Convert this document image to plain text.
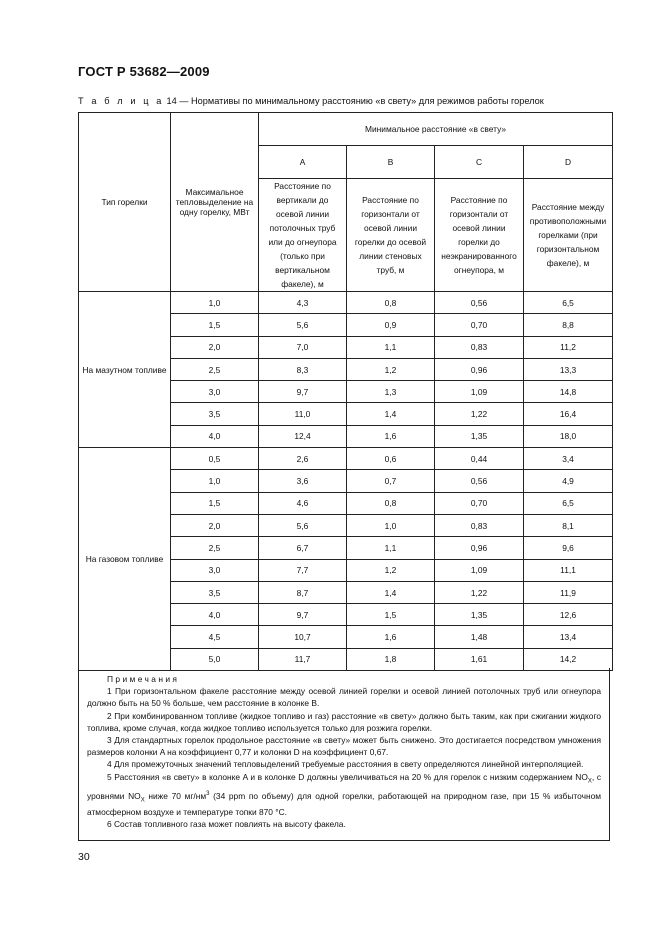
ГОСТ Р 53682—2009
Т а б л и ц а 14 — Нормативы по минимальному расстоянию «в свету» для режимов работы горелок
Тип горелки	Максимальное тепловыделение на одну горелку, МВт	Минимальное расстояние «в свету»			
		A	B	C	D
		Расстояние по вертикали до осевой линии потолочных труб или до огнеупора (только при вертикальном факеле), м	Расстояние по горизонтали от осевой линии горелки до осевой линии стеновых труб, м	Расстояние по горизонтали от осевой линии горелки до неэкранированного огнеупора, м	Расстояние между противоположными горелками (при горизонтальном факеле), м
На мазутном топливе	1,0	4,3	0,8	0,56	6,5
	1,5	5,6	0,9	0,70	8,8
	2,0	7,0	1,1	0,83	11,2
	2,5	8,3	1,2	0,96	13,3
	3,0	9,7	1,3	1,09	14,8
	3,5	11,0	1,4	1,22	16,4
	4,0	12,4	1,6	1,35	18,0
На газовом топливе	0,5	2,6	0,6	0,44	3,4
	1,0	3,6	0,7	0,56	4,9
	1,5	4,6	0,8	0,70	6,5
	2,0	5,6	1,0	0,83	8,1
	2,5	6,7	1,1	0,96	9,6
	3,0	7,7	1,2	1,09	11,1
	3,5	8,7	1,4	1,22	11,9
	4,0	9,7	1,5	1,35	12,6
	4,5	10,7	1,6	1,48	13,4
	5,0	11,7	1,8	1,61	14,2
Примечания

1 При горизонтальном факеле расстояние между осевой линией горелки и осевой линией потолочных труб или огнеупора должно быть на 50 % больше, чем расстояние в колонке B.

2 При комбинированном топливе (жидкое топливо и газ) расстояние «в свету» должно быть таким, как при сжигании жидкого топлива, кроме случая, когда жидкое топливо используется только для розжига горелки.

3 Для стандартных горелок продольное расстояние «в свету» может быть снижено. Это достигается посредством умножения размеров колонки A на коэффициент 0,77 и колонки D на коэффициент 0,67.

4 Для промежуточных значений тепловыделений требуемые расстояния в свету определяются линейной интерполяцией.

5 Расстояния «в свету» в колонке A и в колонке D должны увеличиваться на 20 % для горелок с низким содержанием $NO_X$, с уровнями $NO_X$ ниже 70 $мг/нм^3$ (34 ppm по объему) для одной горелки, работающей на природном газе, при 15 % избыточном атмосферном воздухе и температуре топки 870 °C.

6 Состав топливного газа может повлиять на высоту факела.

30
